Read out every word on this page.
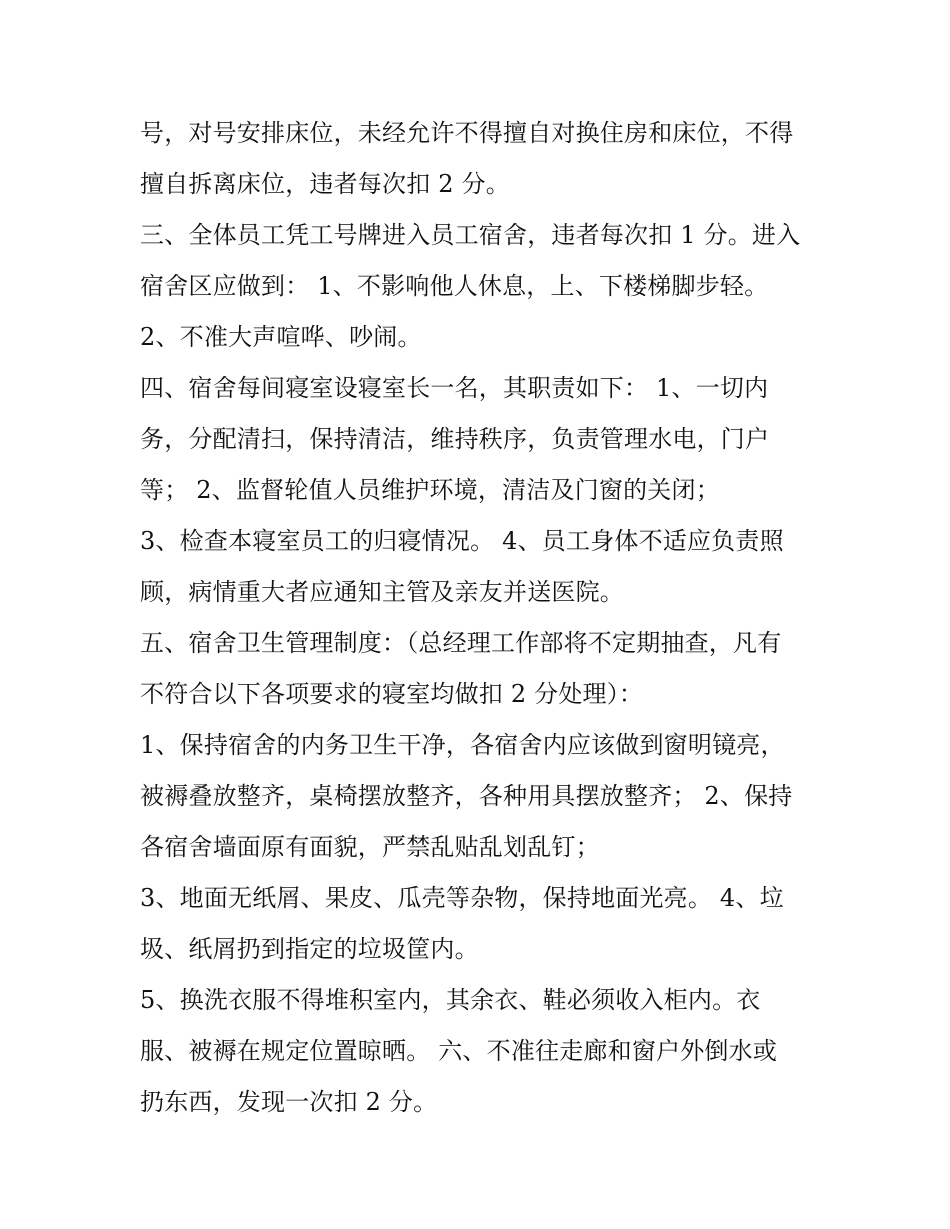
号，对号安排床位，未经允许不得擅自对换住房和床位，不得
擅自拆离床位，违者每次扣 2 分。
三、全体员工凭工号牌进入员工宿舍，违者每次扣 1 分。进入
宿舍区应做到： 1、不影响他人休息，上、下楼梯脚步轻。
2、不准大声喧哗、吵闹。
四、宿舍每间寝室设寝室长一名，其职责如下： 1、一切内
务，分配清扫，保持清洁，维持秩序，负责管理水电，门户
等； 2、监督轮值人员维护环境，清洁及门窗的关闭；
3、检查本寝室员工的归寝情况。 4、员工身体不适应负责照
顾，病情重大者应通知主管及亲友并送医院。
五、宿舍卫生管理制度：（总经理工作部将不定期抽查，凡有
不符合以下各项要求的寝室均做扣 2 分处理）：
1、保持宿舍的内务卫生干净，各宿舍内应该做到窗明镜亮，
被褥叠放整齐，桌椅摆放整齐，各种用具摆放整齐； 2、保持
各宿舍墙面原有面貌，严禁乱贴乱划乱钉；
3、地面无纸屑、果皮、瓜壳等杂物，保持地面光亮。 4、垃
圾、纸屑扔到指定的垃圾筐内。
5、换洗衣服不得堆积室内，其余衣、鞋必须收入柜内。衣
服、被褥在规定位置晾晒。 六、不准往走廊和窗户外倒水或
扔东西，发现一次扣 2 分。
